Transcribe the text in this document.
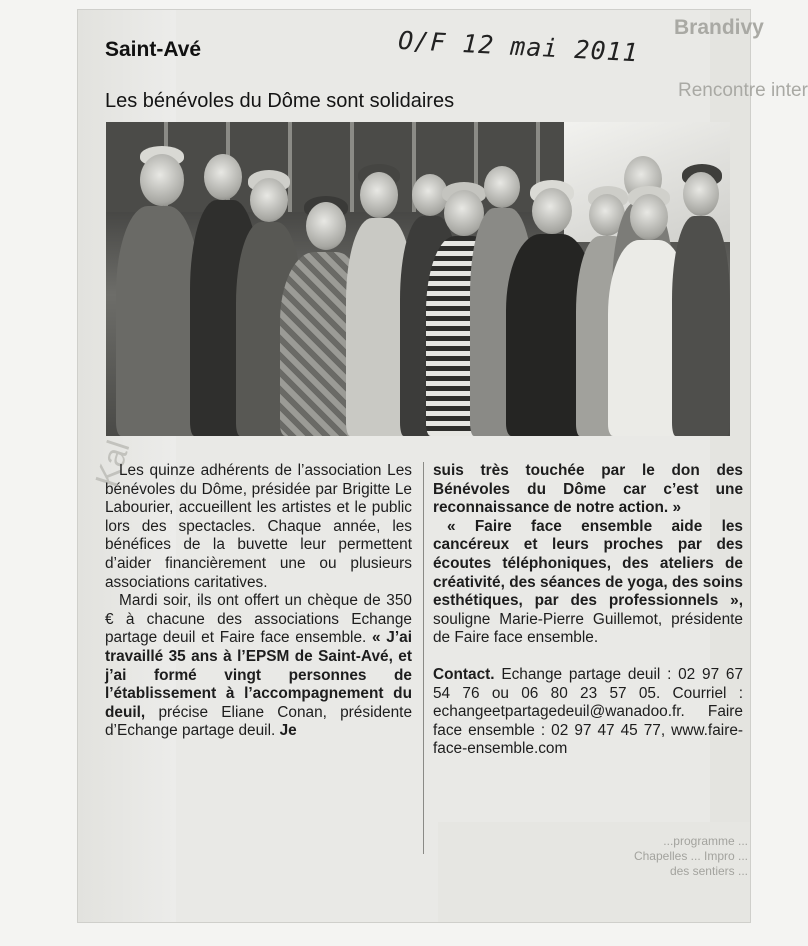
Brandivy
Rencontre inter
...programme ... Chapelles ... Impro ... des sentiers ...
Kal
Saint-Avé	O/F 12 mai 2011
Les bénévoles du Dôme sont solidaires

Les quinze adhérents de l’association Les bénévoles du Dôme, présidée par Brigitte Le Labourier, accueillent les artistes et le public lors des spectacles. Chaque année, les bénéfices de la buvette leur permettent d’aider financièrement une ou plusieurs associations caritatives.

Mardi soir, ils ont offert un chèque de 350 € à chacune des associations Echange partage deuil et Faire face ensemble. « J’ai travaillé 35 ans à l’EPSM de Saint-Avé, et j’ai formé vingt personnes de l’établissement à l’accompagnement du deuil, précise Eliane Conan, présidente d’Echange partage deuil. Je

suis très touchée par le don des Bénévoles du Dôme car c’est une reconnaissance de notre action. »

« Faire face ensemble aide les cancéreux et leurs proches par des écoutes téléphoniques, des ateliers de créativité, des séances de yoga, des soins esthétiques, par des professionnels », souligne Marie-Pierre Guillemot, présidente de Faire face ensemble.

Contact. Echange partage deuil : 02 97 67 54 76 ou 06 80 23 57 05. Courriel : echangeetpartagedeuil@wanadoo.fr. Faire face ensemble : 02 97 47 45 77, www.faire-face-ensemble.com
